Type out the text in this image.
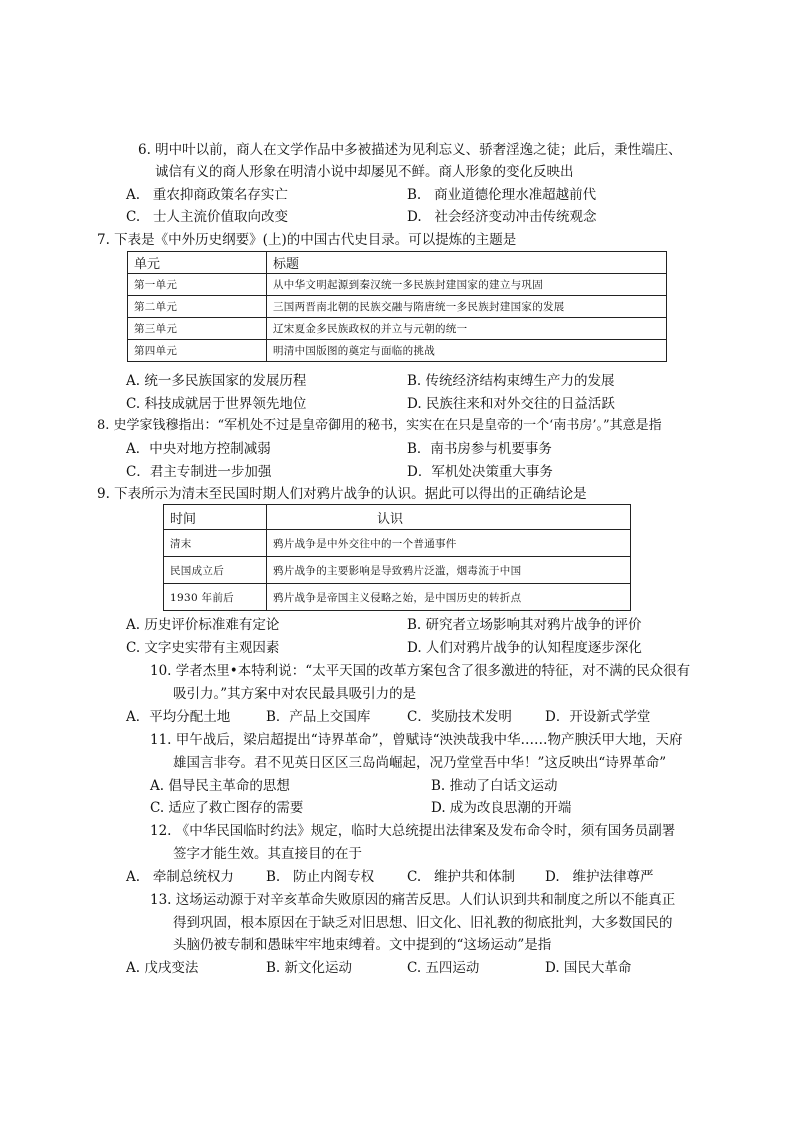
6. 明中叶以前，商人在文学作品中多被描述为见利忘义、骄奢淫逸之徒；此后，秉性端庄、
诚信有义的商人形象在明清小说中却屡见不鲜。商人形象的变化反映出
A.   重农抑商政策名存实亡	B.   商业道德伦理水准超越前代
C.   士人主流价值取向改变	D.   社会经济变动冲击传统观念
7. 下表是《中外历史纲要》(上)的中国古代史目录。可以提炼的主题是
单元	标题
第一单元	从中华文明起源到秦汉统一多民族封建国家的建立与巩固
第二单元	三国两晋南北朝的民族交融与隋唐统一多民族封建国家的发展
第三单元	辽宋夏金多民族政权的并立与元朝的统一
第四单元	明清中国版图的奠定与面临的挑战
A. 统一多民族国家的发展历程	B. 传统经济结构束缚生产力的发展
C. 科技成就居于世界领先地位	D. 民族往来和对外交往的日益活跃
8. 史学家钱穆指出：“军机处不过是皇帝御用的秘书，实实在在只是皇帝的一个‘南书房’。”其意是指
A．中央对地方控制减弱	B．南书房参与机要事务
C．君主专制进一步加强	D．军机处决策重大事务
9. 下表所示为清末至民国时期人们对鸦片战争的认识。据此可以得出的正确结论是
时间	认识
清末	鸦片战争是中外交往中的一个普通事件
民国成立后	鸦片战争的主要影响是导致鸦片泛滥，烟毒流于中国
1930 年前后	鸦片战争是帝国主义侵略之始，是中国历史的转折点
A. 历史评价标准难有定论	B. 研究者立场影响其对鸦片战争的评价
C. 文字史实带有主观因素	D. 人们对鸦片战争的认知程度逐步深化
10. 学者杰里•本特利说：“太平天国的改革方案包含了很多激进的特征，对不满的民众很有
吸引力。”其方案中对农民最具吸引力的是
A．平均分配土地	B．产品上交国库	C．奖励技术发明 D．开设新式学堂
11. 甲午战后，梁启超提出“诗界革命”，曾赋诗“泱泱哉我中华……物产腴沃甲大地，天府
雄国言非夸。君不见英日区区三岛尚崛起，况乃堂堂吾中华！”这反映出“诗界革命”
A. 倡导民主革命的思想	B. 推动了白话文运动
C. 适应了救亡图存的需要	D. 成为改良思潮的开端
12. 《中华民国临时约法》规定，临时大总统提出法律案及发布命令时，须有国务员副署
签字才能生效。其直接目的在于
A.   牵制总统权力 B.   防止内阁专权 C.   维护共和体制 D.   维护法律尊严
13. 这场运动源于对辛亥革命失败原因的痛苦反思。人们认识到共和制度之所以不能真正
得到巩固，根本原因在于缺乏对旧思想、旧文化、旧礼教的彻底批判，大多数国民的
头脑仍被专制和愚昧牢牢地束缚着。文中提到的“这场运动”是指
A. 戊戌变法	B. 新文化运动	C. 五四运动	D. 国民大革命
